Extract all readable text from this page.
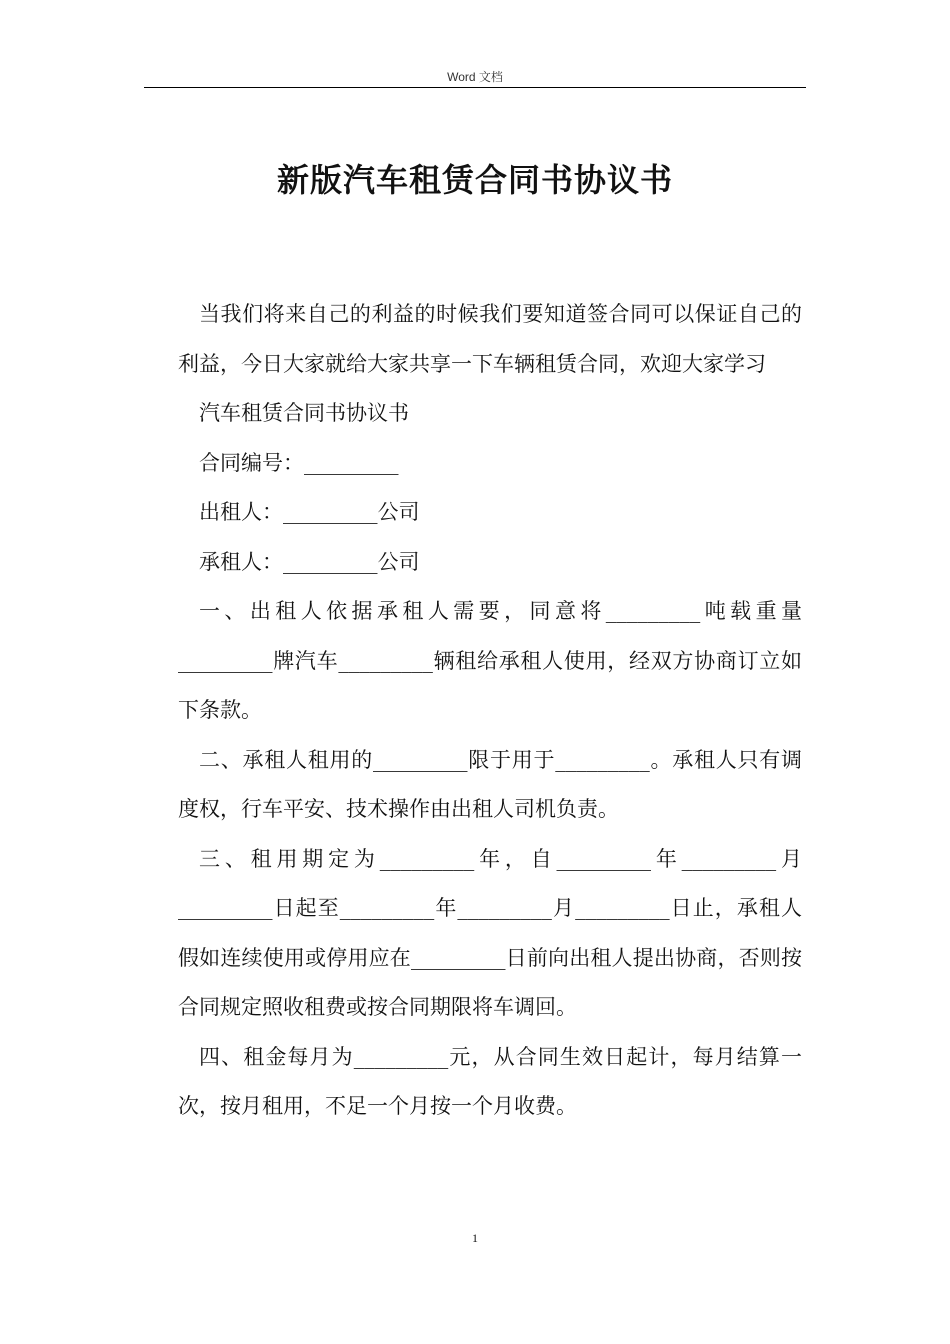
Word 文档

新版汽车租赁合同书协议书

当我们将来自己的利益的时候我们要知道签合同可以保证自己的利益，今日大家就给大家共享一下车辆租赁合同，欢迎大家学习

汽车租赁合同书协议书

合同编号：_________

出租人：_________公司

承租人：_________公司

一、出租人依据承租人需要，同意将_________吨载重量_________牌汽车_________辆租给承租人使用，经双方协商订立如下条款。

二、承租人租用的_________限于用于_________。承租人只有调度权，行车平安、技术操作由出租人司机负责。

三、租用期定为_________年，自_________年_________月_________日起至_________年_________月_________日止，承租人假如连续使用或停用应在_________日前向出租人提出协商，否则按合同规定照收租费或按合同期限将车调回。

四、租金每月为_________元，从合同生效日起计，每月结算一次，按月租用，不足一个月按一个月收费。

1
